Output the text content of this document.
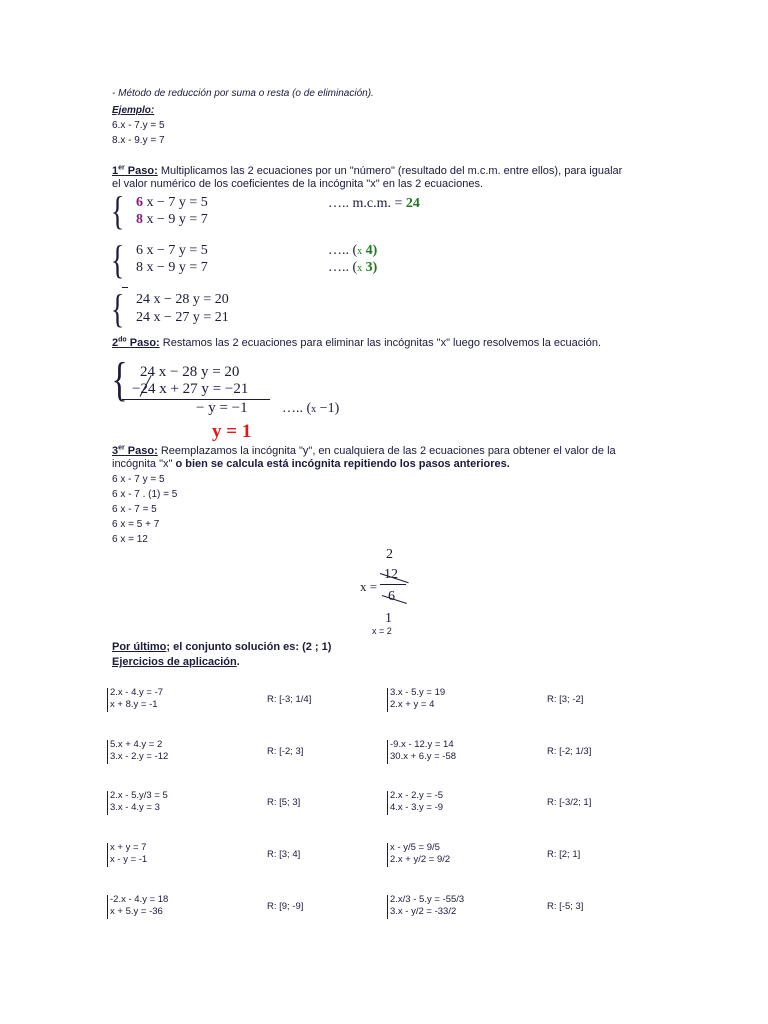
- Método de reducción por suma o resta (o de eliminación).
Ejemplo:
6.x - 7.y = 5
8.x - 9.y = 7
1er Paso: Multiplicamos las 2 ecuaciones por un "número" (resultado del m.c.m. entre ellos), para igualar
el valor numérico de los coeficientes de la incógnita "x" en las 2 ecuaciones.
{ 6 x − 7 y = 5
8 x − 9 y = 7
….. m.c.m. = 24
{ 6 x − 7 y = 5
8 x − 9 y = 7
….. (x 4)
….. (x 3)
{ 24 x − 28 y = 20
24 x − 27 y = 21
$2^{do}$ Paso: Restamos las 2 ecuaciones para eliminar las incógnitas "x" luego resolvemos la ecuación.
{ 24 x − 28 y = 20
−24 x + 27 y = −21
− y = −1 ….. (x −1)
y = 1
3er Paso: Reemplazamos la incógnita "y", en cualquiera de las 2 ecuaciones para obtener el valor de la
incógnita "x" o bien se calcula está incógnita repitiendo los pasos anteriores.
6 x - 7 y = 5
6 x - 7 . (1) = 5
6 x - 7 = 5
6 x = 5 + 7
6 x = 12
2
x =
12
6
1
x = 2
Por último; el conjunto solución es: (2 ; 1)
Ejercicios de aplicación.
2.x - 4.y = -7
x + 8.y = -1	R: [-3; 1/4]
3.x - 5.y = 19
2.x + y = 4	R: [3; -2]
5.x + 4.y = 2
3.x - 2.y = -12	R: [-2; 3]
-9.x - 12.y = 14
30.x + 6.y = -58	R: [-2; 1/3]
2.x - 5.y/3 = 5
3.x - 4.y = 3	R: [5; 3]
2.x - 2.y = -5
4.x - 3.y = -9	R: [-3/2; 1]
x + y = 7
x - y = -1	R: [3; 4]
x - y/5 = 9/5
2.x + y/2 = 9/2	R: [2; 1]
-2.x - 4.y = 18
x + 5.y = -36	R: [9; -9]
2.x/3 - 5.y = -55/3
3.x - y/2 = -33/2	R: [-5; 3]
